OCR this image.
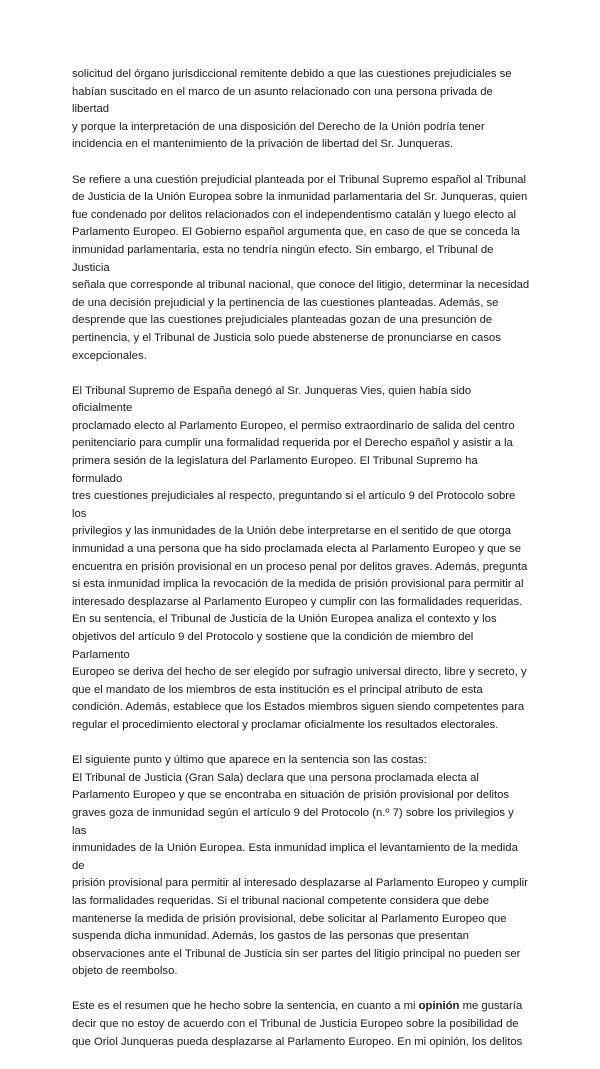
solicitud del órgano jurisdiccional remitente debido a que las cuestiones prejudiciales se
habían suscitado en el marco de un asunto relacionado con una persona privada de libertad
y porque la interpretación de una disposición del Derecho de la Unión podría tener
incidencia en el mantenimiento de la privación de libertad del Sr. Junqueras.

Se refiere a una cuestión prejudicial planteada por el Tribunal Supremo español al Tribunal
de Justicia de la Unión Europea sobre la inmunidad parlamentaria del Sr. Junqueras, quien
fue condenado por delitos relacionados con el independentismo catalán y luego electo al
Parlamento Europeo. El Gobierno español argumenta que, en caso de que se conceda la
inmunidad parlamentaria, esta no tendría ningún efecto. Sin embargo, el Tribunal de Justicia
señala que corresponde al tribunal nacional, que conoce del litigio, determinar la necesidad
de una decisión prejudicial y la pertinencia de las cuestiones planteadas. Además, se
desprende que las cuestiones prejudiciales planteadas gozan de una presunción de
pertinencia, y el Tribunal de Justicia solo puede abstenerse de pronunciarse en casos
excepcionales.

El Tribunal Supremo de España denegó al Sr. Junqueras Vies, quien había sido oficialmente
proclamado electo al Parlamento Europeo, el permiso extraordinario de salida del centro
penitenciario para cumplir una formalidad requerida por el Derecho español y asistir a la
primera sesión de la legislatura del Parlamento Europeo. El Tribunal Supremo ha formulado
tres cuestiones prejudiciales al respecto, preguntando si el artículo 9 del Protocolo sobre los
privilegios y las inmunidades de la Unión debe interpretarse en el sentido de que otorga
inmunidad a una persona que ha sido proclamada electa al Parlamento Europeo y que se
encuentra en prisión provisional en un proceso penal por delitos graves. Además, pregunta
si esta inmunidad implica la revocación de la medida de prisión provisional para permitir al
interesado desplazarse al Parlamento Europeo y cumplir con las formalidades requeridas.
En su sentencia, el Tribunal de Justicia de la Unión Europea analiza el contexto y los
objetivos del artículo 9 del Protocolo y sostiene que la condición de miembro del Parlamento
Europeo se deriva del hecho de ser elegido por sufragio universal directo, libre y secreto, y
que el mandato de los miembros de esta institución es el principal atributo de esta
condición. Además, establece que los Estados miembros siguen siendo competentes para
regular el procedimiento electoral y proclamar oficialmente los resultados electorales.

El siguiente punto y último que aparece en la sentencia son las costas:

El Tribunal de Justicia (Gran Sala) declara que una persona proclamada electa al
Parlamento Europeo y que se encontraba en situación de prisión provisional por delitos
graves goza de inmunidad según el artículo 9 del Protocolo (n.º 7) sobre los privilegios y las
inmunidades de la Unión Europea. Esta inmunidad implica el levantamiento de la medida de
prisión provisional para permitir al interesado desplazarse al Parlamento Europeo y cumplir
las formalidades requeridas. Si el tribunal nacional competente considera que debe
mantenerse la medida de prisión provisional, debe solicitar al Parlamento Europeo que
suspenda dicha inmunidad. Además, los gastos de las personas que presentan
observaciones ante el Tribunal de Justicia sin ser partes del litigio principal no pueden ser
objeto de reembolso.

Este es el resumen que he hecho sobre la sentencia, en cuanto a mi opinión me gustaría
decir que no estoy de acuerdo con el Tribunal de Justicia Europeo sobre la posibilidad de
que Oriol Junqueras pueda desplazarse al Parlamento Europeo. En mi opinión, los delitos
